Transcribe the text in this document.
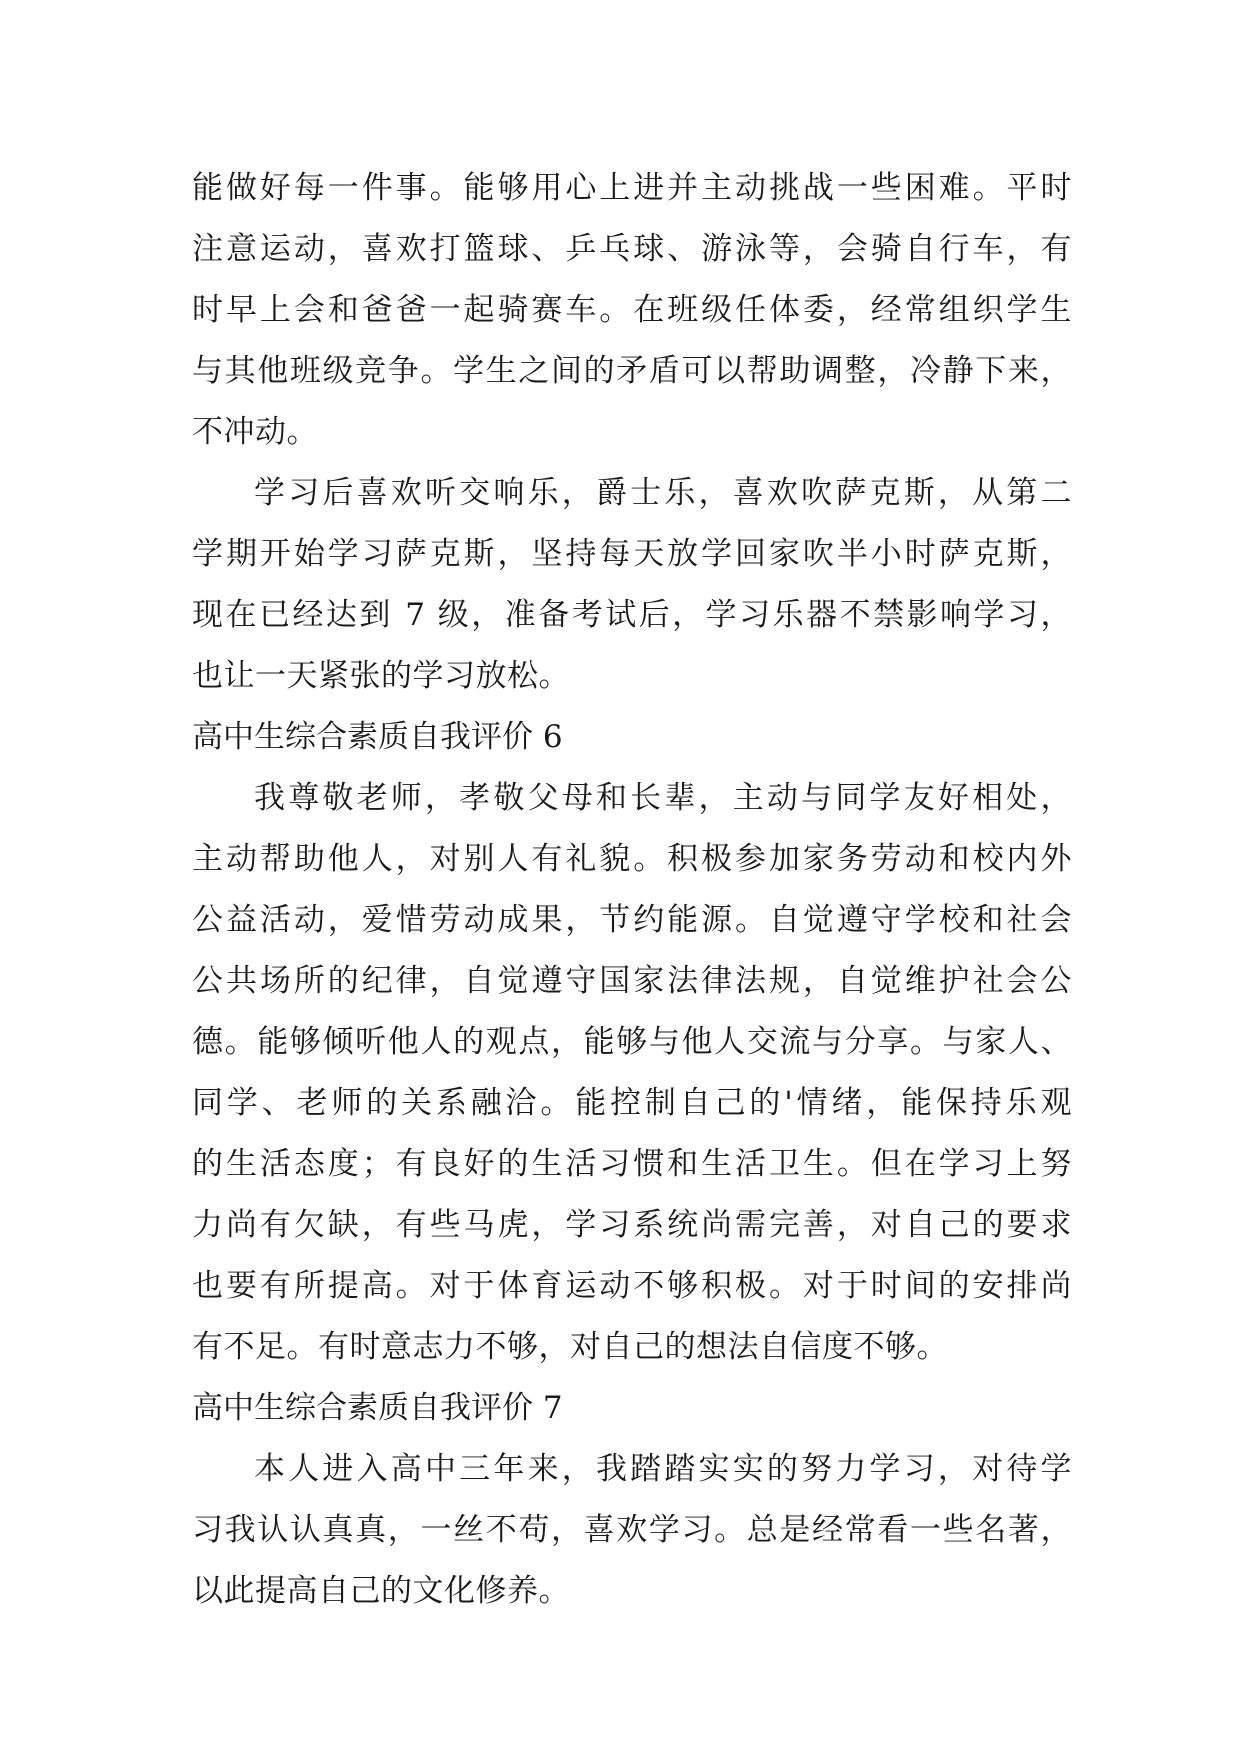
能做好每一件事。能够用心上进并主动挑战一些困难。平时
注意运动，喜欢打篮球、乒乓球、游泳等，会骑自行车，有
时早上会和爸爸一起骑赛车。在班级任体委，经常组织学生
与其他班级竞争。学生之间的矛盾可以帮助调整，冷静下来，
不冲动。
学习后喜欢听交响乐，爵士乐，喜欢吹萨克斯，从第二
学期开始学习萨克斯，坚持每天放学回家吹半小时萨克斯，
现在已经达到 7 级，准备考试后，学习乐器不禁影响学习，
也让一天紧张的学习放松。
高中生综合素质自我评价 6
我尊敬老师，孝敬父母和长辈，主动与同学友好相处，
主动帮助他人，对别人有礼貌。积极参加家务劳动和校内外
公益活动，爱惜劳动成果，节约能源。自觉遵守学校和社会
公共场所的纪律，自觉遵守国家法律法规，自觉维护社会公
德。能够倾听他人的观点，能够与他人交流与分享。与家人、
同学、老师的关系融洽。能控制自己的'情绪，能保持乐观
的生活态度；有良好的生活习惯和生活卫生。但在学习上努
力尚有欠缺，有些马虎，学习系统尚需完善，对自己的要求
也要有所提高。对于体育运动不够积极。对于时间的安排尚
有不足。有时意志力不够，对自己的想法自信度不够。
高中生综合素质自我评价 7
本人进入高中三年来，我踏踏实实的努力学习，对待学
习我认认真真，一丝不苟，喜欢学习。总是经常看一些名著，
以此提高自己的文化修养。
